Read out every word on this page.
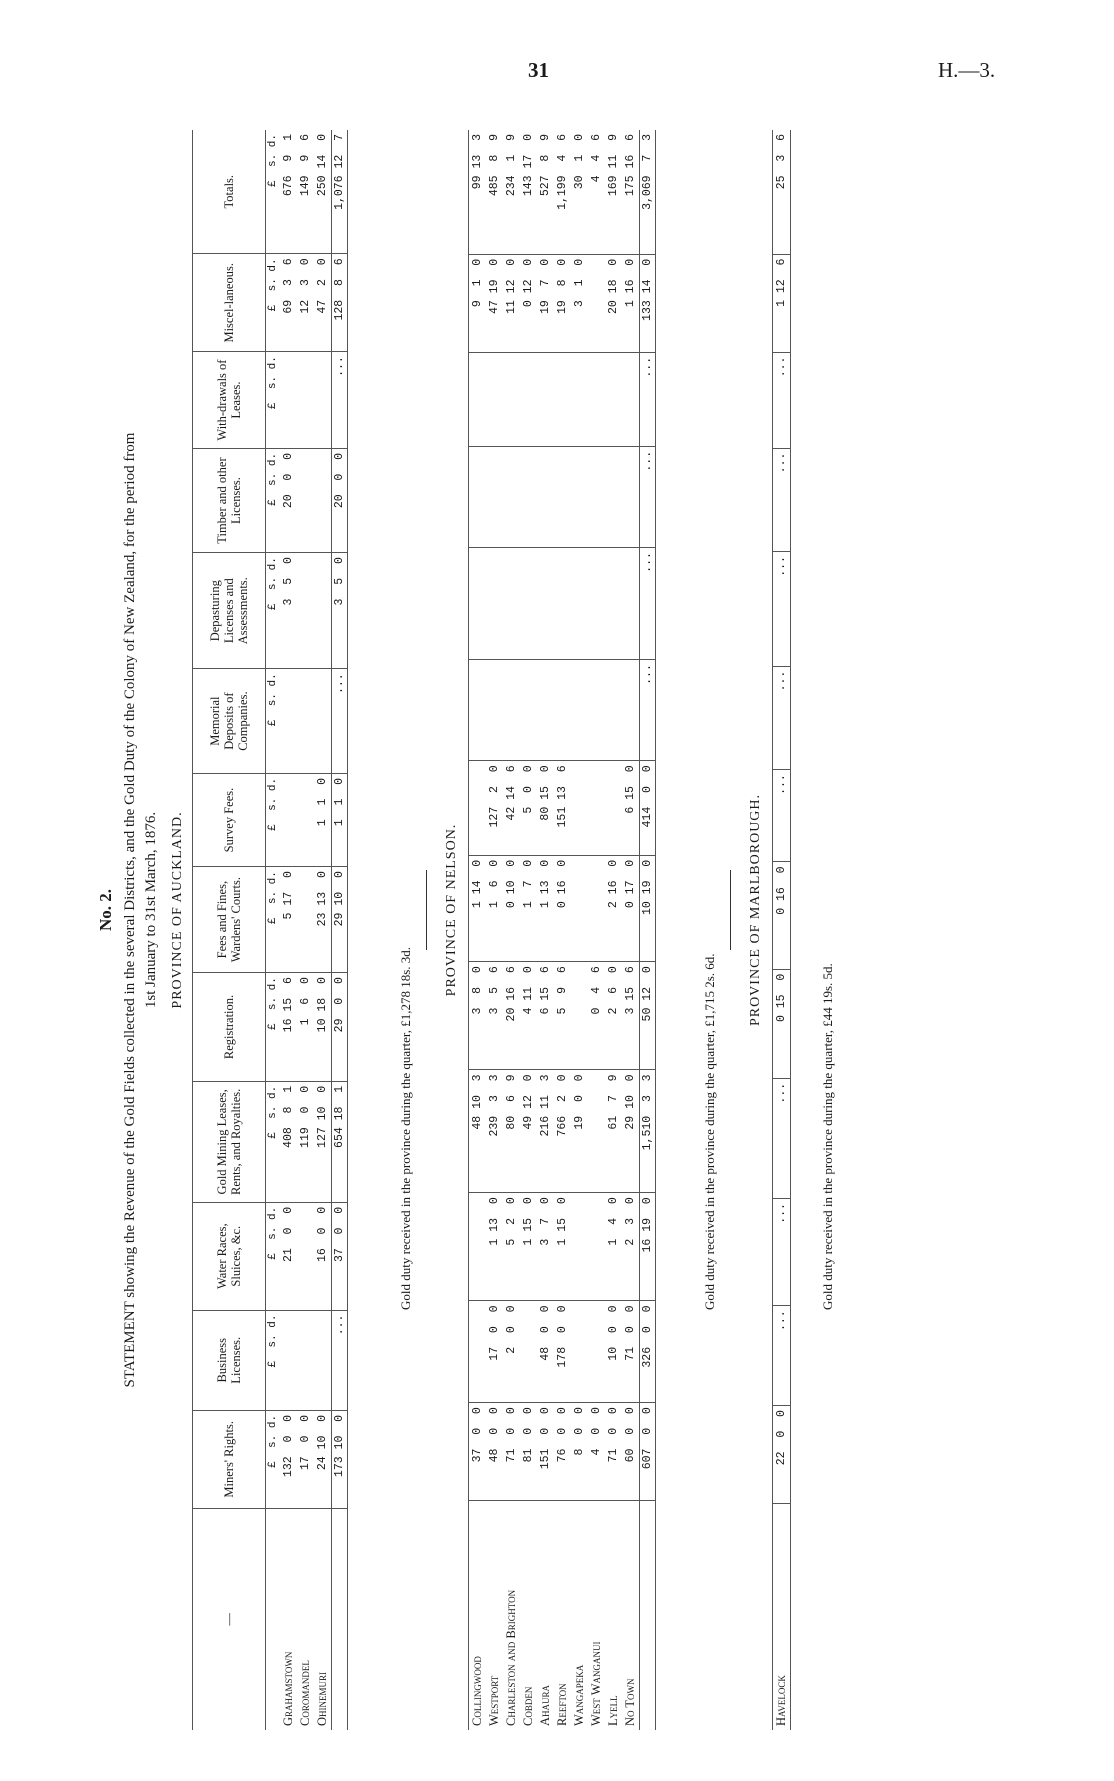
31	H.—3.
No. 2. STATEMENT showing the Revenue of the Gold Fields collected in the several Districts, and the Gold Duty of the Colony of New Zealand, for the period from 1st January to 31st March, 1876. PROVINCE OF AUCKLAND.
—	Miners' Rights.	Business Licenses.	Water Races, Sluices, &c.	Gold Mining Leases, Rents, and Royalties.	Registration.	Fees and Fines, Wardens' Courts.	Survey Fees.	Memorial Deposits of Companies.	Depasturing Licenses and Assessments.	Timber and other Licenses.	With-drawals of Leases.	Miscel-laneous.	Totals.
	£  s. d.	£  s. d.	£  s. d.	£  s. d.	£  s. d.	£  s. d.	£  s. d.	£  s. d.	£  s. d.	£  s. d.	£  s. d.	£  s. d.	£  s. d.
Grahamstown	132  0  0		21  0  0	408  8  1	16 15  6	5 17  0			3  5  0	20  0  0		69  3  6	676  9  1
Coromandel	17  0  0			119  0  0	1  6  0							12  3  0	149  9  6
Ohinemuri	24 10  0		16  0  0	127 10  0	10 18  0	23 13  0	1  1  0					47  2  0	250 14  0
	173 10  0	...	37  0  0	654 18  1	29  0  0	29 10  0	1  1  0	...	3  5  0	20  0  0	...	128  8  6	1,076 12  7
Gold duty received in the province during the quarter, £1,278 18s. 3d.
PROVINCE OF NELSON.
Collingwood	37  0  0			48 10  3	3  8  0	1 14  0						9  1  0	99 13  3
Westport	48  0  0	17  0  0	1 13  0	239  3  3	3  5  6	1  6  0	127  2  0					47 19  0	485  8  9
Charleston and Brighton	71  0  0	2  0  0	5  2  0	80  6  9	20 16  6	0 10  0	42 14  6					11 12  0	234  1  9
Cobden	81  0  0		1 15  0	49 12  0	4 11  0	1  7  0	5  0  0					0 12  0	143 17  0
Ahaura	151  0  0	48  0  0	3  7  0	216 11  3	6 15  6	1 13  0	80 15  0					19  7  0	527  8  9
Reefton	76  0  0	178  0  0	1 15  0	766  2  0	5  9  6	0 16  0	151 13  6					19  8  0	1,199  4  6
Wangapeka	8  0  0			19  0  0								3  1  0	30  1  0
West Wanganui	4  0  0				0  4  6								4  4  6
Lyell	71  0  0	10  0  0	1  4  0	61  7  9	2  6  0	2 16  0						20 18  0	169 11  9
No Town	60  0  0	71  0  0	2  3  0	29 10  0	3 15  6	0 17  0	6 15  0					1 16  0	175 16  6
	607  0  0	326  0  0	16 19  0	1,510  3  3	50 12  0	10 19  0	414  0  0	...	...	...	...	133 14  0	3,069  7  3
Gold duty received in the province during the quarter, £1,715 2s. 6d.
PROVINCE OF MARLBOROUGH.
Havelock	22  0  0	...	...	...	0 15  0	0 16  0	...	...	...	...	...	1 12  6	25  3  6
Gold duty received in the province during the quarter, £44 19s. 5d.
